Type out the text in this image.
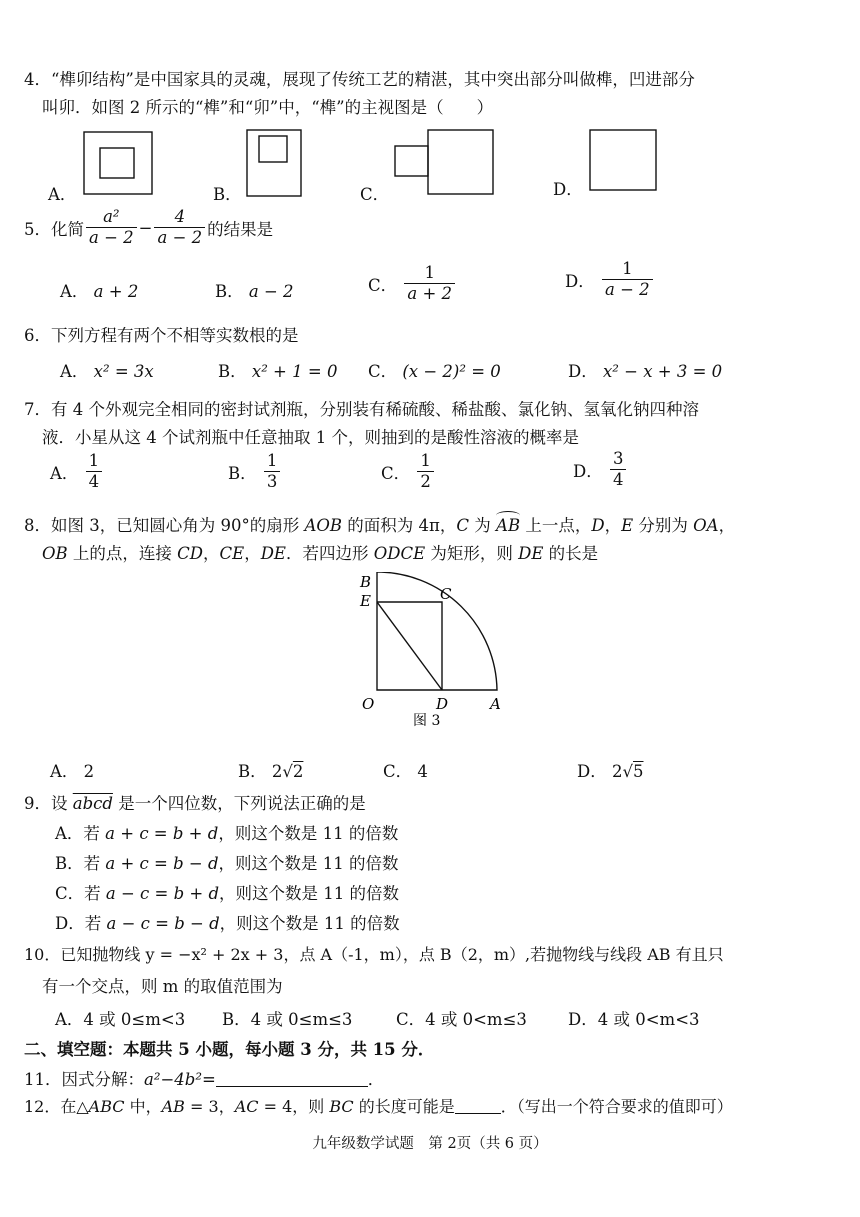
4．“榫卯结构”是中国家具的灵魂，展现了传统工艺的精湛，其中突出部分叫做榫，凹进部分
叫卯．如图 2 所示的“榫”和“卯”中，“榫”的主视图是（　　）
A．	B．	C．	D．
5．化简 $\frac{\text{a²}}{a - 2} - \frac{4}{a - 2}$ 的结果是
A． a + 2	B． a − 2	C． $\frac{1}{a + 2}$	D． $\frac{1}{a - 2}$
6．下列方程有两个不相等实数根的是
A． x² = 3x	B． x² + 1 = 0 C． (x − 2)² = 0	D． x² − x + 3 = 0
7．有 4 个外观完全相同的密封试剂瓶，分别装有稀硫酸、稀盐酸、氯化钠、氢氧化钠四种溶
液．小星从这 4 个试剂瓶中任意抽取 1 个，则抽到的是酸性溶液的概率是
A． $\frac{1}{4}$	B． $\frac{1}{3}$	C． $\frac{1}{2}$	D． $\frac{3}{4}$
8．如图 3，已知圆心角为 90°的扇形 AOB 的面积为 4π，C 为 AB 上一点，D，E 分别为 OA，
OB 上的点，连接 CD，CE，DE．若四边形 ODCE 为矩形，则 DE 的长是
B
E	C
O	D	A
图 3
A． 2	B． 2√2	C． 4	D． 2√5
9．设 abcd 是一个四位数，下列说法正确的是
A．若 a + c = b + d，则这个数是 11 的倍数
B．若 a + c = b − d，则这个数是 11 的倍数
C．若 a − c = b + d，则这个数是 11 的倍数
D．若 a − c = b − d，则这个数是 11 的倍数
10．已知抛物线 y = −x² + 2x + 3，点 A（-1，m），点 B（2，m）,若抛物线与线段 AB 有且只
有一个交点，则 m 的取值范围为
A．4 或 0≤m<3 B．4 或 0≤m≤3	C．4 或 0<m≤3 D．4 或 0<m<3
二、填空题：本题共 5 小题，每小题 3 分，共 15 分．
11．因式分解：a²−4b²=	．
12．在△ABC 中，AB = 3，AC = 4，则 BC 的长度可能是	．（写出一个符合要求的值即可）
九年级数学试题　第 2页（共 6 页）
